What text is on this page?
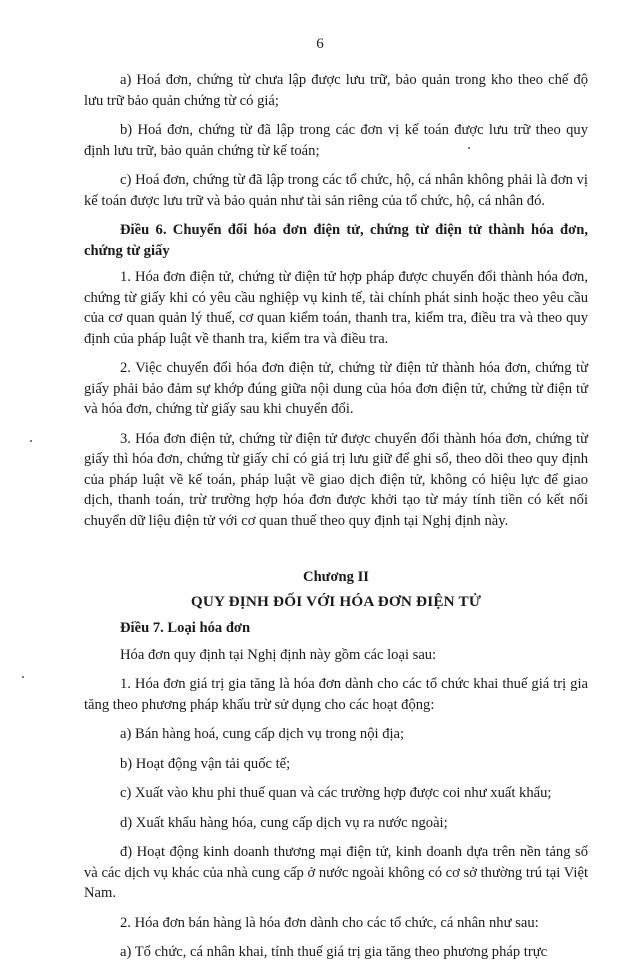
6

a) Hoá đơn, chứng từ chưa lập được lưu trữ, bảo quản trong kho theo chế độ lưu trữ bảo quản chứng từ có giá;

b) Hoá đơn, chứng từ đã lập trong các đơn vị kế toán được lưu trữ theo quy định lưu trữ, bảo quản chứng từ kế toán;

c) Hoá đơn, chứng từ đã lập trong các tổ chức, hộ, cá nhân không phải là đơn vị kế toán được lưu trữ và bảo quản như tài sản riêng của tổ chức, hộ, cá nhân đó.

Điều 6. Chuyển đổi hóa đơn điện tử, chứng từ điện tử thành hóa đơn, chứng từ giấy

1. Hóa đơn điện tử, chứng từ điện tử hợp pháp được chuyển đổi thành hóa đơn, chứng từ giấy khi có yêu cầu nghiệp vụ kinh tế, tài chính phát sinh hoặc theo yêu cầu của cơ quan quản lý thuế, cơ quan kiểm toán, thanh tra, kiểm tra, điều tra và theo quy định của pháp luật về thanh tra, kiểm tra và điều tra.

2. Việc chuyển đổi hóa đơn điện tử, chứng từ điện tử thành hóa đơn, chứng từ giấy phải bảo đảm sự khớp đúng giữa nội dung của hóa đơn điện tử, chứng từ điện tử và hóa đơn, chứng từ giấy sau khi chuyển đổi.

3. Hóa đơn điện tử, chứng từ điện tử được chuyển đổi thành hóa đơn, chứng từ giấy thì hóa đơn, chứng từ giấy chỉ có giá trị lưu giữ để ghi sổ, theo dõi theo quy định của pháp luật về kế toán, pháp luật về giao dịch điện tử, không có hiệu lực để giao dịch, thanh toán, trừ trường hợp hóa đơn được khởi tạo từ máy tính tiền có kết nối chuyển dữ liệu điện tử với cơ quan thuế theo quy định tại Nghị định này.

Chương II

QUY ĐỊNH ĐỐI VỚI HÓA ĐƠN ĐIỆN TỬ

Điều 7. Loại hóa đơn

Hóa đơn quy định tại Nghị định này gồm các loại sau:

1. Hóa đơn giá trị gia tăng là hóa đơn dành cho các tổ chức khai thuế giá trị gia tăng theo phương pháp khấu trừ sử dụng cho các hoạt động:

a) Bán hàng hoá, cung cấp dịch vụ trong nội địa;

b) Hoạt động vận tải quốc tế;

c) Xuất vào khu phi thuế quan và các trường hợp được coi như xuất khẩu;

d) Xuất khẩu hàng hóa, cung cấp dịch vụ ra nước ngoài;

đ) Hoạt động kinh doanh thương mại điện tử, kinh doanh dựa trên nền tảng số và các dịch vụ khác của nhà cung cấp ở nước ngoài không có cơ sở thường trú tại Việt Nam.

2. Hóa đơn bán hàng là hóa đơn dành cho các tổ chức, cá nhân như sau:

a) Tổ chức, cá nhân khai, tính thuế giá trị gia tăng theo phương pháp trực
